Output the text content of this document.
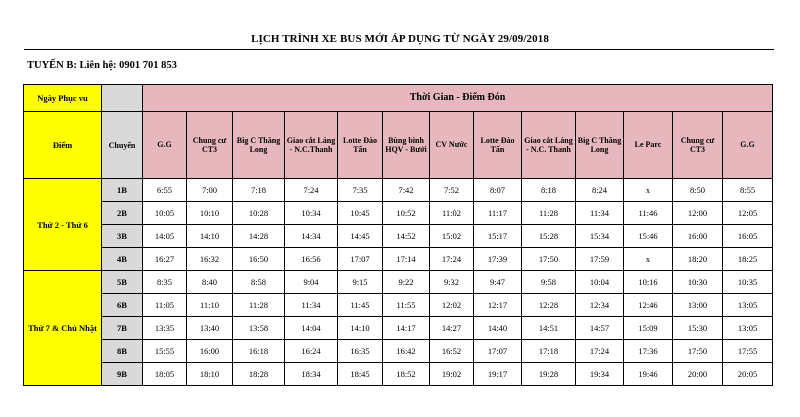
LỊCH TRÌNH XE BUS MỚI ÁP DỤNG TỪ NGÀY 29/09/2018
TUYẾN B: Liên hệ: 0901 701 853
Ngày Phục vu		Thời Gian - Điểm Đón												
Điểm	Chuyến	G.G	Chung cư CT3	Big C Thăng Long	Giao cắt Láng - N.C.Thanh	Lotte Đào Tấn	Bùng binh HQV - Bưởi	CV Nước	Lotte Đào Tấn	Giao cắt Láng - N.C. Thanh	Big C Thăng Long	Le Parc	Chung cư CT3	G.G
Thứ 2 - Thứ 6	1B	6:55	7:00	7:18	7:24	7:35	7:42	7:52	8:07	8:18	8:24	x	8:50	8:55
	2B	10:05	10:10	10:28	10:34	10:45	10:52	11:02	11:17	11:28	11:34	11:46	12:00	12:05
	3B	14:05	14:10	14:28	14:34	14:45	14:52	15:02	15:17	15:28	15:34	15:46	16:00	16:05
	4B	16:27	16:32	16:50	16:56	17:07	17:14	17:24	17:39	17:50	17:59	x	18:20	18:25
Thứ 7 & Chủ Nhật	5B	8:35	8:40	8:58	9:04	9:15	9:22	9:32	9:47	9:58	10:04	10:16	10:30	10:35
	6B	11:05	11:10	11:28	11:34	11:45	11:55	12:02	12:17	12:28	12:34	12:46	13:00	13:05
	7B	13:35	13:40	13:58	14:04	14:10	14:17	14:27	14:40	14:51	14:57	15:09	15:30	13:05
	8B	15:55	16:00	16:18	16:24	16:35	16:42	16:52	17:07	17:18	17:24	17:36	17:50	17:55
	9B	18:05	18:10	18:28	18:34	18:45	18:52	19:02	19:17	19:28	19:34	19:46	20:00	20:05
